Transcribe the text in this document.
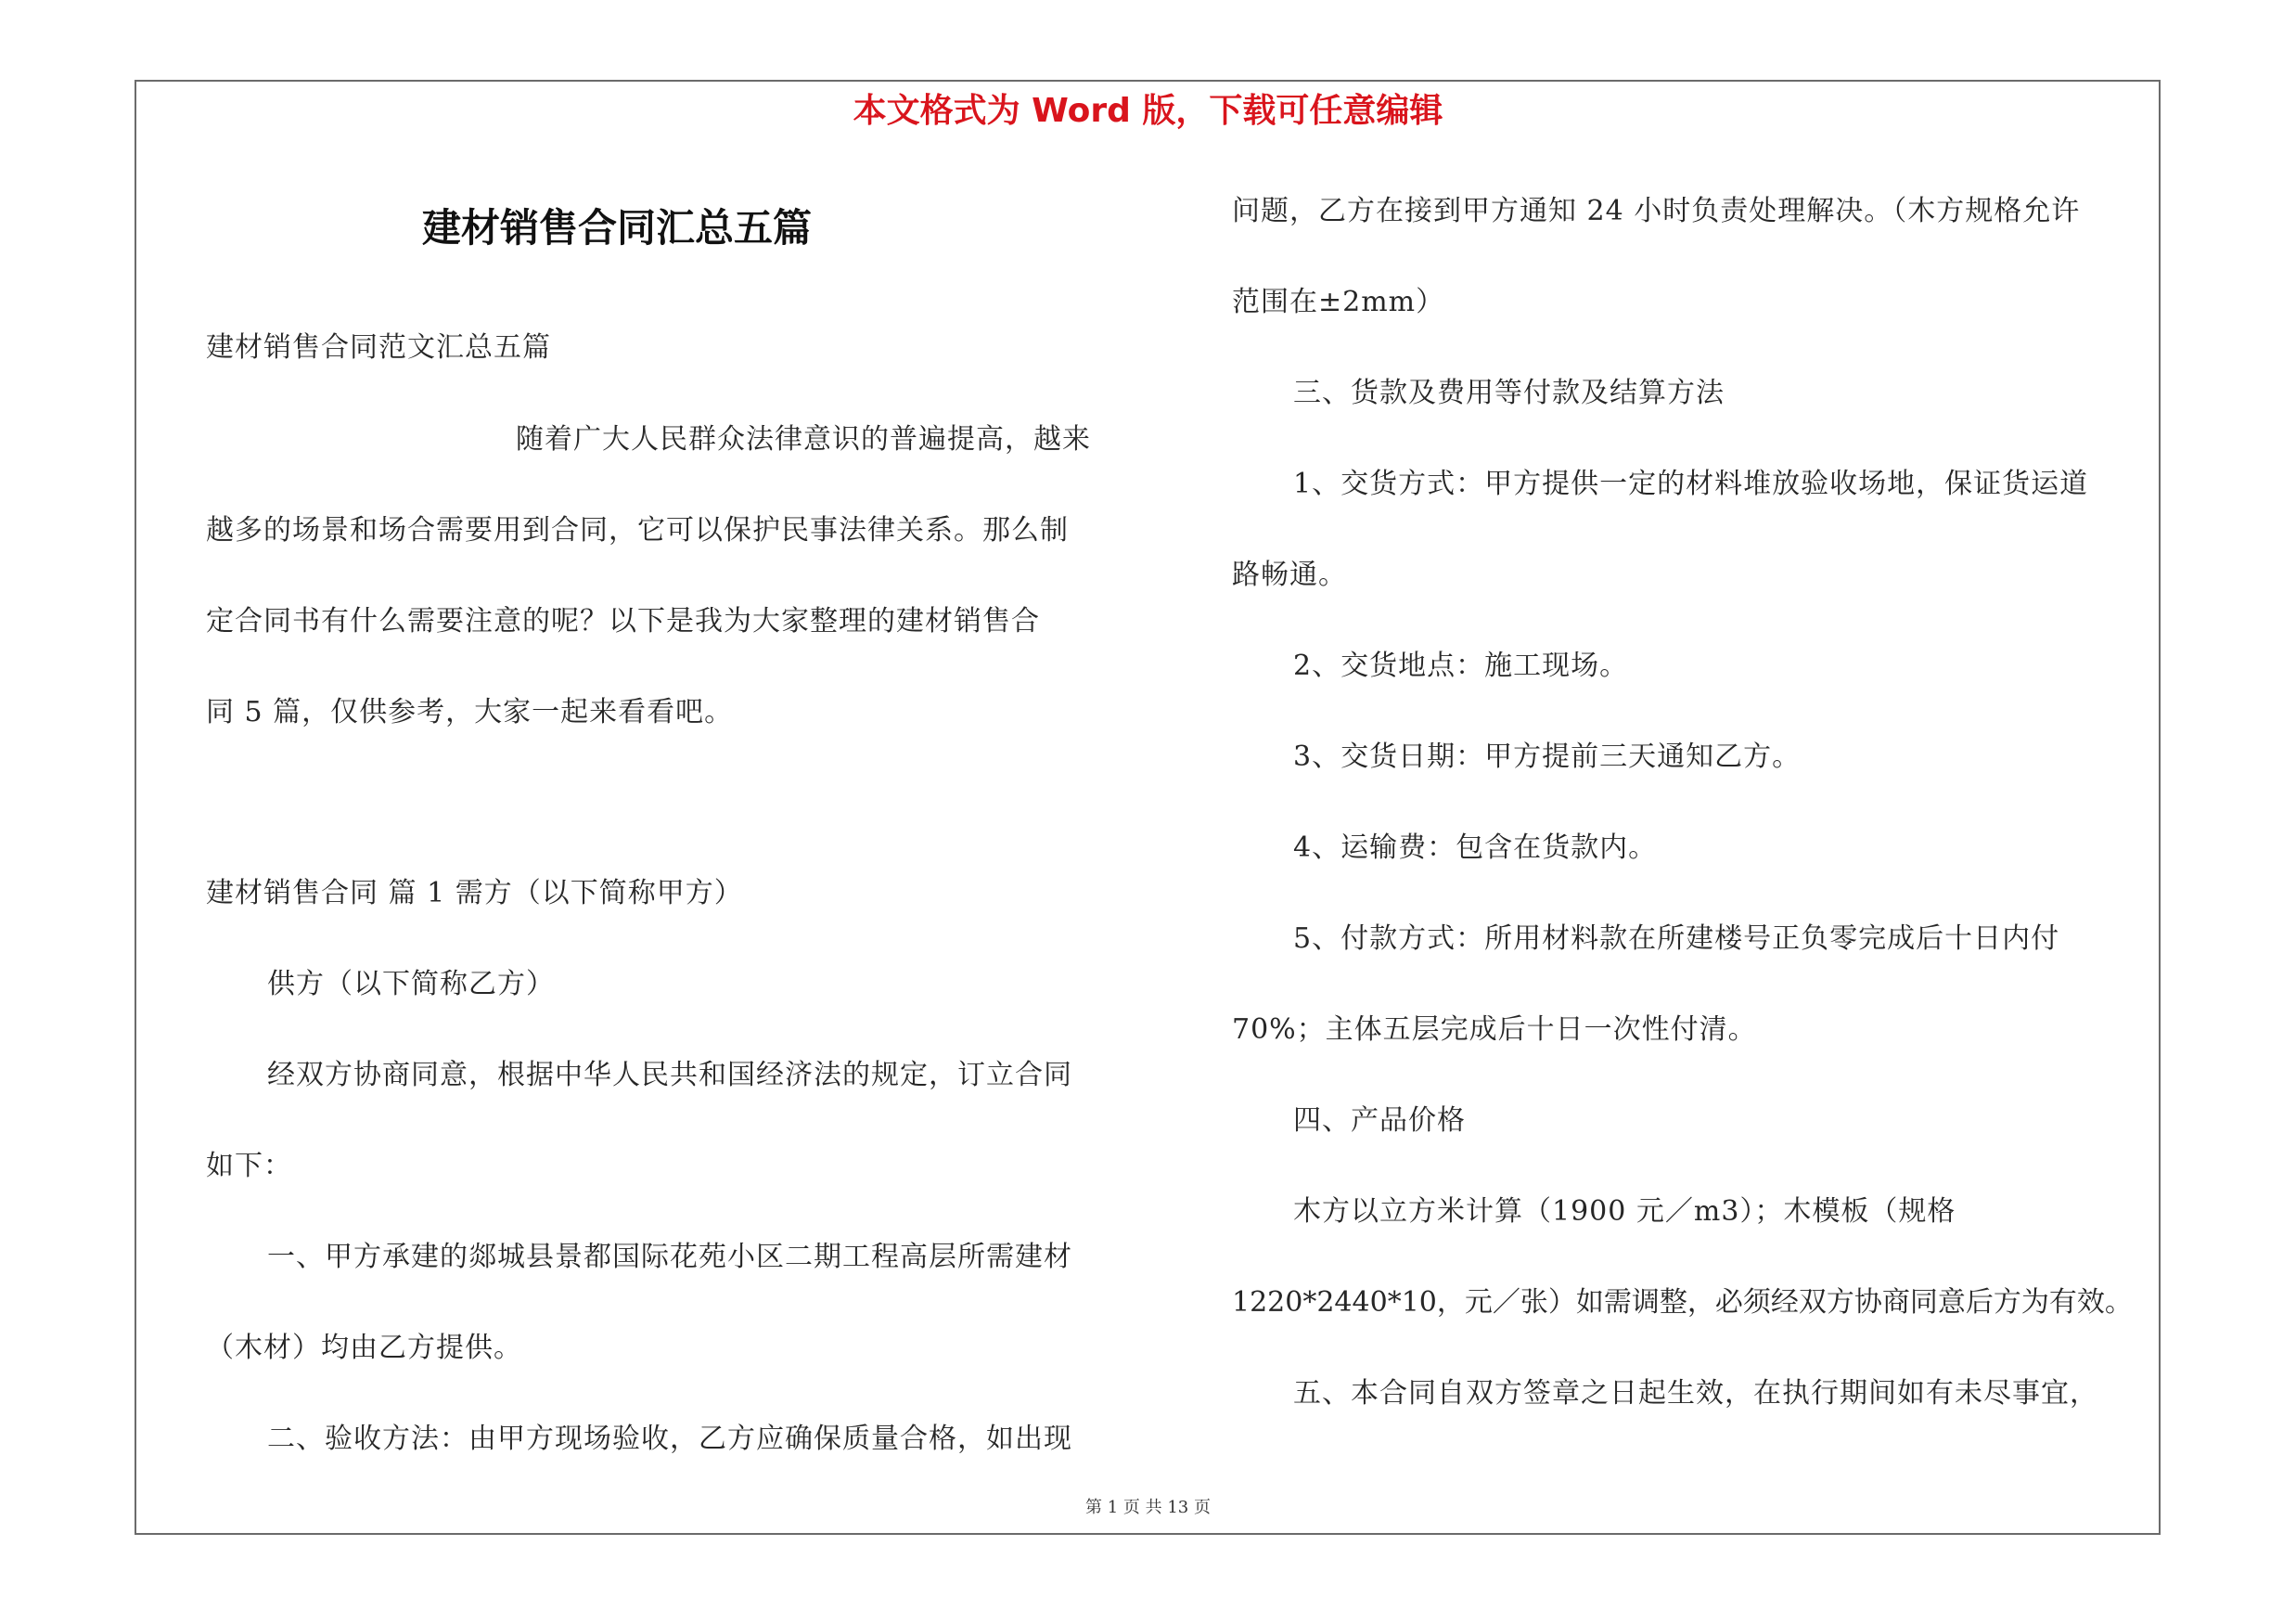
本文格式为 Word 版，下载可任意编辑
建材销售合同汇总五篇
建材销售合同范文汇总五篇
随着广大人民群众法律意识的普遍提高，越来
越多的场景和场合需要用到合同，它可以保护民事法律关系。那么制
定合同书有什么需要注意的呢？以下是我为大家整理的建材销售合
同 5 篇，仅供参考，大家一起来看看吧。
建材销售合同 篇 1 需方（以下简称甲方）
供方（以下简称乙方）
经双方协商同意，根据中华人民共和国经济法的规定，订立合同
如下：
一、甲方承建的郯城县景都国际花苑小区二期工程高层所需建材
（木材）均由乙方提供。
二、验收方法：由甲方现场验收，乙方应确保质量合格，如出现
问题，乙方在接到甲方通知 24 小时负责处理解决。（木方规格允许
范围在±2mm）
三、货款及费用等付款及结算方法
1、交货方式：甲方提供一定的材料堆放验收场地，保证货运道
路畅通。
2、交货地点：施工现场。
3、交货日期：甲方提前三天通知乙方。
4、运输费：包含在货款内。
5、付款方式：所用材料款在所建楼号正负零完成后十日内付
70%；主体五层完成后十日一次性付清。
四、产品价格
木方以立方米计算（1900 元／m3）；木模板（规格
1220*2440*10，元／张）如需调整，必须经双方协商同意后方为有效。
五、本合同自双方签章之日起生效，在执行期间如有未尽事宜，
第 1 页 共 13 页
